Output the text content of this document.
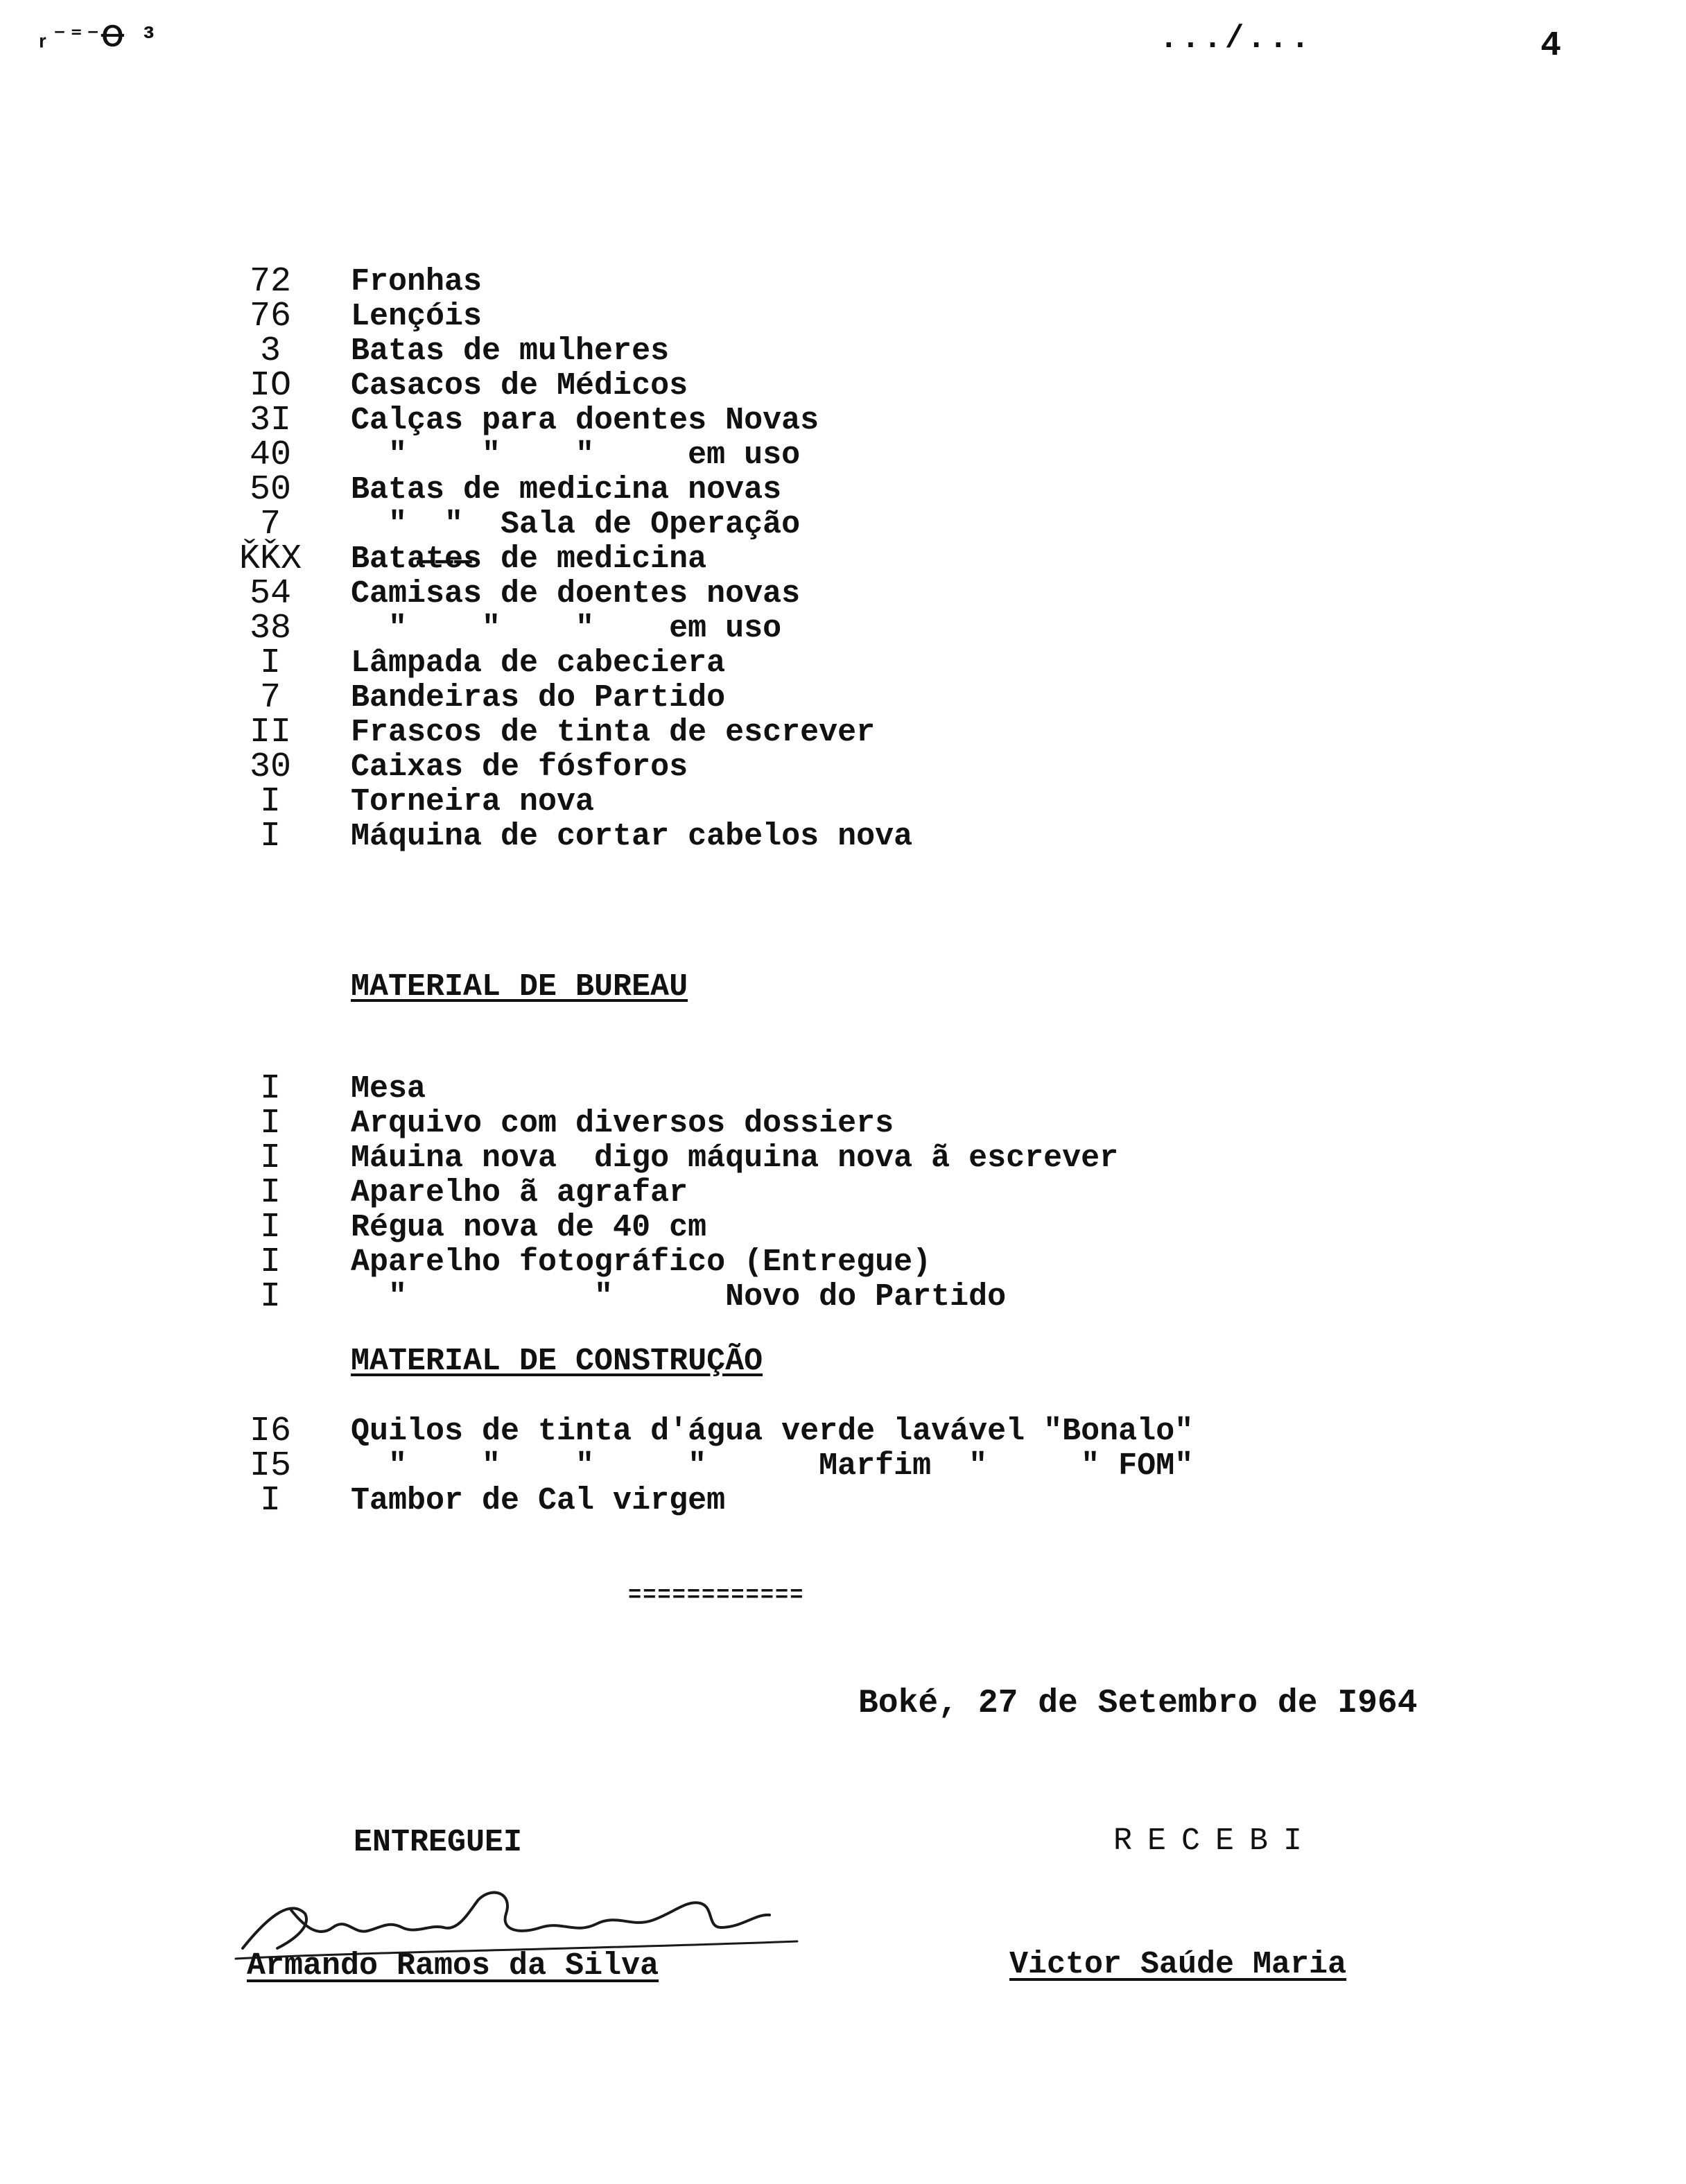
ᵣ⁻⁼⁻Ꝋ ³	.../...	4
72	Fronhas
76	Lençóis
3	Batas de mulheres
IO	Casacos de Médicos
3I	Calças para doentes Novas
40	"    "    "     em uso
50	Batas de medicina novas
7	"  "  Sala de Operação
ǨǨX Bata̶t̶e̶s de medicina
54	Camisas de doentes novas
38	"    "    "    em uso
I	Lâmpada de cabeciera
7	Bandeiras do Partido
II	Frascos de tinta de escrever
30	Caixas de fósforos
I	Torneira nova
I	Máquina de cortar cabelos nova
MATERIAL DE BUREAU
I	Mesa
I	Arquivo com diversos dossiers
I	Máuina nova  digo máquina nova ã escrever
I	Aparelho ã agrafar
I	Régua nova de 40 cm
I	Aparelho fotográfico (Entregue)
I	"          "      Novo do Partido
MATERIAL DE CONSTRUÇÃO
I6	Quilos de tinta d'água verde lavável "Bonalo"
I5	"    "    "     "      Marfim  "     " FOM"
I	Tambor de Cal virgem
============
Boké, 27 de Setembro de I964
ENTREGUEI	RECEBI
Armando Ramos da Silva	Victor Saúde Maria
